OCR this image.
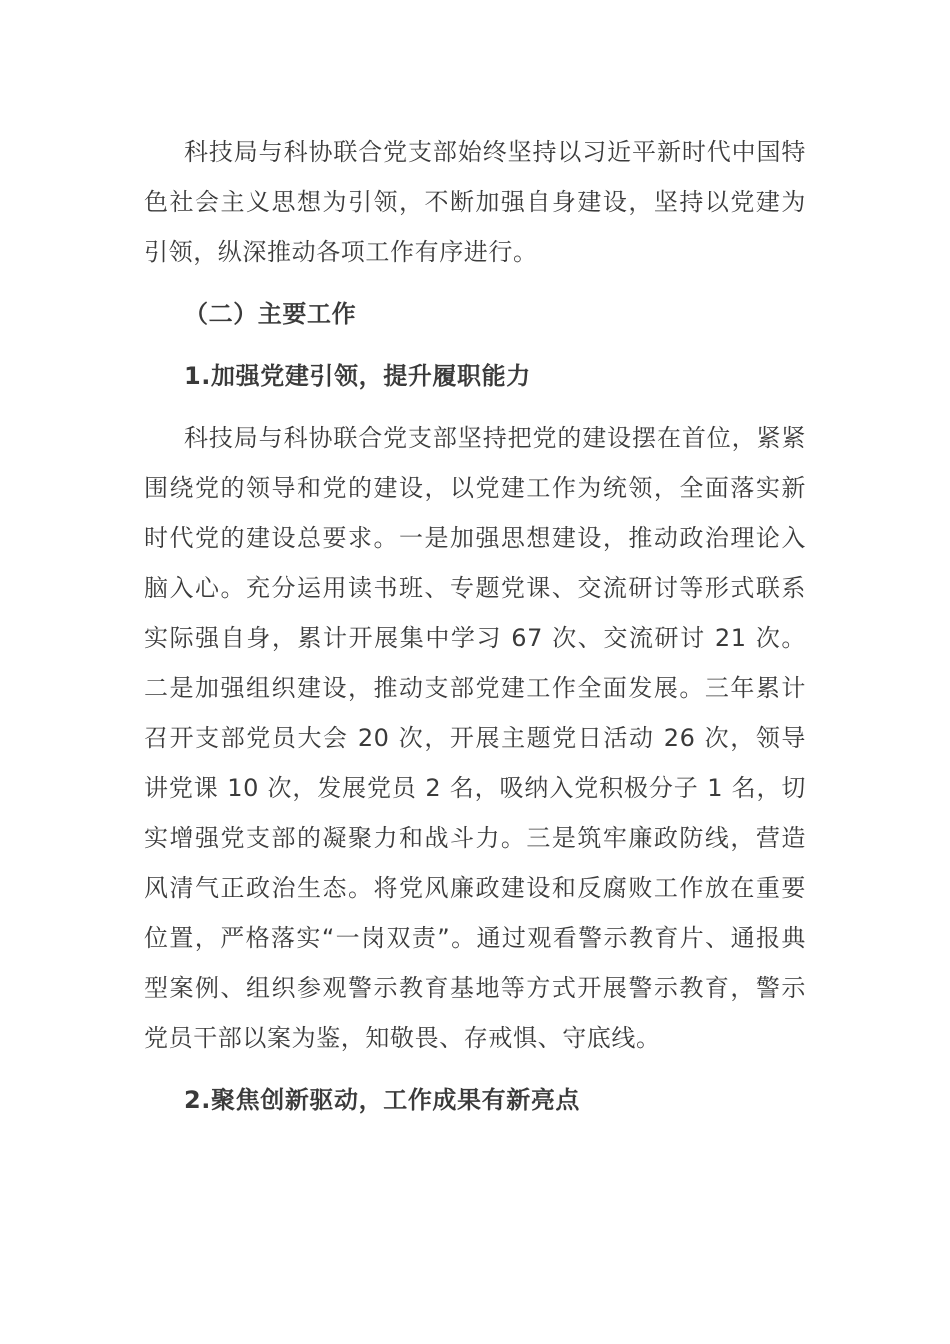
科技局与科协联合党支部始终坚持以习近平新时代中国特色社会主义思想为引领，不断加强自身建设，坚持以党建为引领，纵深推动各项工作有序进行。

（二）主要工作

1.加强党建引领，提升履职能力

科技局与科协联合党支部坚持把党的建设摆在首位，紧紧围绕党的领导和党的建设，以党建工作为统领，全面落实新时代党的建设总要求。一是加强思想建设，推动政治理论入脑入心。充分运用读书班、专题党课、交流研讨等形式联系实际强自身，累计开展集中学习 67 次、交流研讨 21 次。二是加强组织建设，推动支部党建工作全面发展。三年累计召开支部党员大会 20 次，开展主题党日活动 26 次，领导讲党课 10 次，发展党员 2 名，吸纳入党积极分子 1 名，切实增强党支部的凝聚力和战斗力。三是筑牢廉政防线，营造风清气正政治生态。将党风廉政建设和反腐败工作放在重要位置，严格落实“一岗双责”。通过观看警示教育片、通报典型案例、组织参观警示教育基地等方式开展警示教育，警示党员干部以案为鉴，知敬畏、存戒惧、守底线。

2.聚焦创新驱动，工作成果有新亮点
